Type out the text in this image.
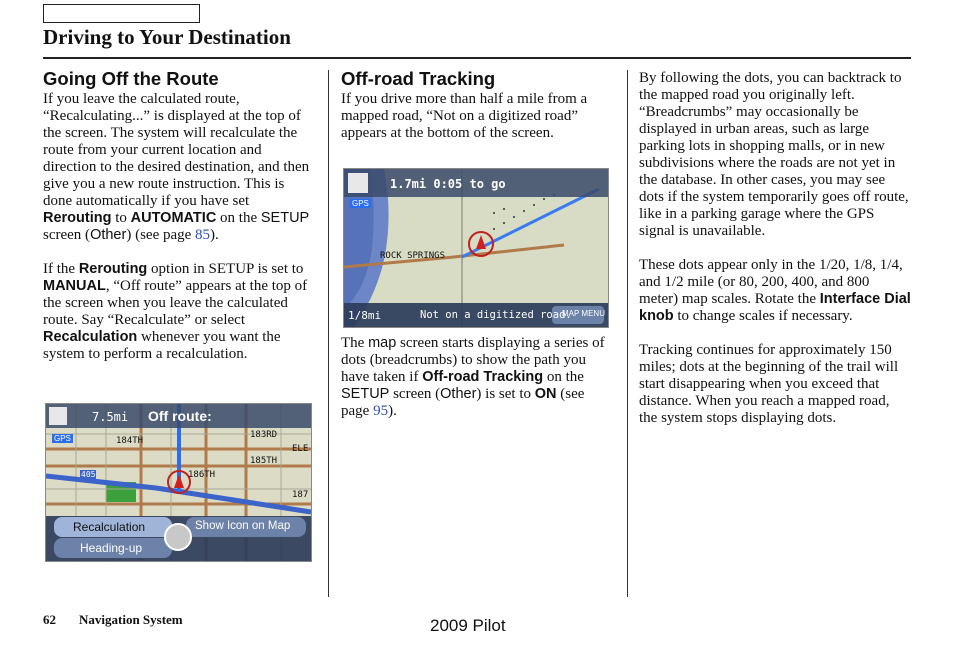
Driving to Your Destination
Going Off the Route

If you leave the calculated route, “Recalculating...” is displayed at the top of the screen. The system will recalculate the route from your current location and direction to the desired destination, and then give you a new route instruction. This is done automatically if you have set Rerouting to AUTOMATIC on the SETUP screen (Other) (see page 85).

If the Rerouting option in SETUP is set to MANUAL, “Off route” appears at the top of the screen when you leave the calculated route. Say “Recalculate” or select Recalculation whenever you want the system to perform a recalculation.

7.5mi Off route:
GPS	184TH
183RD
185TH
186TH
187
ELE
405
Recalculation
Heading-up
Show Icon on Map
Off-road Tracking

If you drive more than half a mile from a mapped road, “Not on a digitized road” appears at the bottom of the screen.

1.7mi 0:05 to go
GPS
ROCK SPRINGS
1/8mi	Not on a digitized road.
MAP MENU

The map screen starts displaying a series of dots (breadcrumbs) to show the path you have taken if Off-road Tracking on the SETUP screen (Other) is set to ON (see page 95).

By following the dots, you can backtrack to the mapped road you originally left. “Breadcrumbs” may occasionally be displayed in urban areas, such as large parking lots in shopping malls, or in new subdivisions where the roads are not yet in the database. In other cases, you may see dots if the system temporarily goes off route, like in a parking garage where the GPS signal is unavailable.

These dots appear only in the 1/20, 1/8, 1/4, and 1/2 mile (or 80, 200, 400, and 800 meter) map scales. Rotate the Interface Dial knob to change scales if necessary.

Tracking continues for approximately 150 miles; dots at the beginning of the trail will start disappearing when you exceed that distance. When you reach a mapped road, the system stops displaying dots.

62 Navigation System	2009 Pilot
